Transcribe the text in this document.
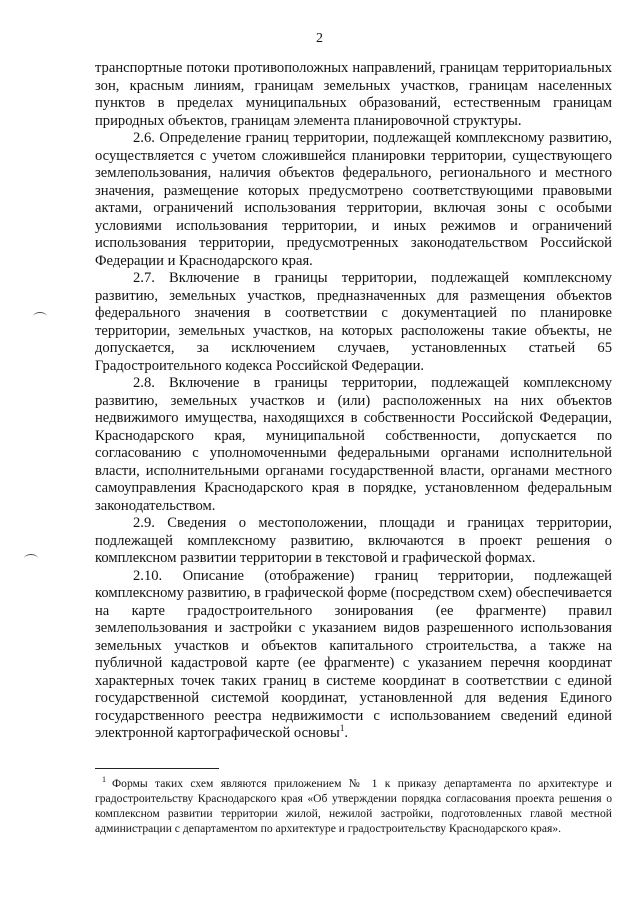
2

транспортные потоки противоположных направлений, границам территориальных зон, красным линиям, границам земельных участков, границам населенных пунктов в пределах муниципальных образований, естественным границам природных объектов, границам элемента планировочной структуры.

2.6. Определение границ территории, подлежащей комплексному развитию, осуществляется с учетом сложившейся планировки территории, существующего землепользования, наличия объектов федерального, регионального и местного значения, размещение которых предусмотрено соответствующими правовыми актами, ограничений использования территории, включая зоны с особыми условиями использования территории, и иных режимов и ограничений использования территории, предусмотренных законодательством Российской Федерации и Краснодарского края.

2.7. Включение в границы территории, подлежащей комплексному развитию, земельных участков, предназначенных для размещения объектов федерального значения в соответствии с документацией по планировке территории, земельных участков, на которых расположены такие объекты, не допускается, за исключением случаев, установленных статьей 65 Градостроительного кодекса Российской Федерации.

2.8. Включение в границы территории, подлежащей комплексному развитию, земельных участков и (или) расположенных на них объектов недвижимого имущества, находящихся в собственности Российской Федерации, Краснодарского края, муниципальной собственности, допускается по согласованию с уполномоченными федеральными органами исполнительной власти, исполнительными органами государственной власти, органами местного самоуправления Краснодарского края в порядке, установленном федеральным законодательством.

2.9. Сведения о местоположении, площади и границах территории, подлежащей комплексному развитию, включаются в проект решения о комплексном развитии территории в текстовой и графической формах.

2.10. Описание (отображение) границ территории, подлежащей комплексному развитию, в графической форме (посредством схем) обеспечивается на карте градостроительного зонирования (ее фрагменте) правил землепользования и застройки с указанием видов разрешенного использования земельных участков и объектов капитального строительства, а также на публичной кадастровой карте (ее фрагменте) с указанием перечня координат характерных точек таких границ в системе координат в соответствии с единой государственной системой координат, установленной для ведения Единого государственного реестра недвижимости с использованием сведений единой электронной картографической основы$^1$.

$^1$ Формы таких схем являются приложением № 1 к приказу департамента по архитектуре и градостроительству Краснодарского края «Об утверждении порядка согласования проекта решения о комплексном развитии территории жилой, нежилой застройки, подготовленных главой местной администрации с департаментом по архитектуре и градостроительству Краснодарского края».
